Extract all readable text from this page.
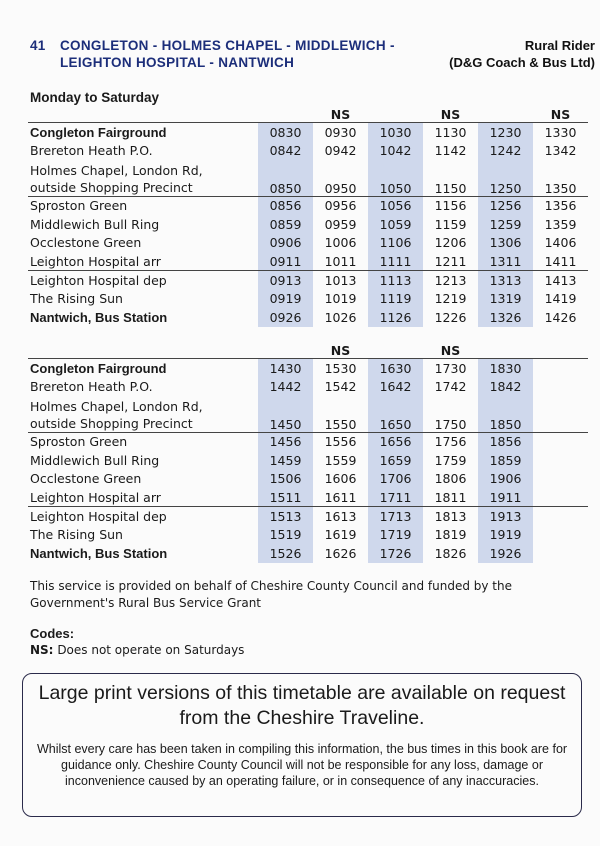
41 CONGLETON - HOLMES CHAPEL - MIDDLEWICH -
LEIGHTON HOSPITAL - NANTWICH
Rural Rider
(D&G Coach & Bus Ltd)
Monday to Saturday
		NS		NS		NS
Congleton Fairground	0830	0930	1030	1130	1230	1330
Brereton Heath P.O.	0842	0942	1042	1142	1242	1342

Holmes Chapel, London Rd,
outside Shopping Precinct	0850	0950	1050	1150	1250	1350
Sproston Green	0856	0956	1056	1156	1256	1356
Middlewich Bull Ring	0859	0959	1059	1159	1259	1359
Occlestone Green	0906	1006	1106	1206	1306	1406
Leighton Hospital arr	0911	1011	1111	1211	1311	1411
Leighton Hospital dep	0913	1013	1113	1213	1313	1413
The Rising Sun	0919	1019	1119	1219	1319	1419
Nantwich, Bus Station	0926	1026	1126	1226	1326	1426
		NS		NS		
Congleton Fairground	1430	1530	1630	1730	1830	
Brereton Heath P.O.	1442	1542	1642	1742	1842	

Holmes Chapel, London Rd,
outside Shopping Precinct	1450	1550	1650	1750	1850	
Sproston Green	1456	1556	1656	1756	1856	
Middlewich Bull Ring	1459	1559	1659	1759	1859	
Occlestone Green	1506	1606	1706	1806	1906	
Leighton Hospital arr	1511	1611	1711	1811	1911	
Leighton Hospital dep	1513	1613	1713	1813	1913	
The Rising Sun	1519	1619	1719	1819	1919	
Nantwich, Bus Station	1526	1626	1726	1826	1926	
This service is provided on behalf of Cheshire County Council and funded by the Government's Rural Bus Service Grant
Codes:
NS: Does not operate on Saturdays
Large print versions of this timetable are available on request from the Cheshire Traveline.
Whilst every care has been taken in compiling this information, the bus times in this book are for guidance only. Cheshire County Council will not be responsible for any loss, damage or inconvenience caused by an operating failure, or in consequence of any inaccuracies.
